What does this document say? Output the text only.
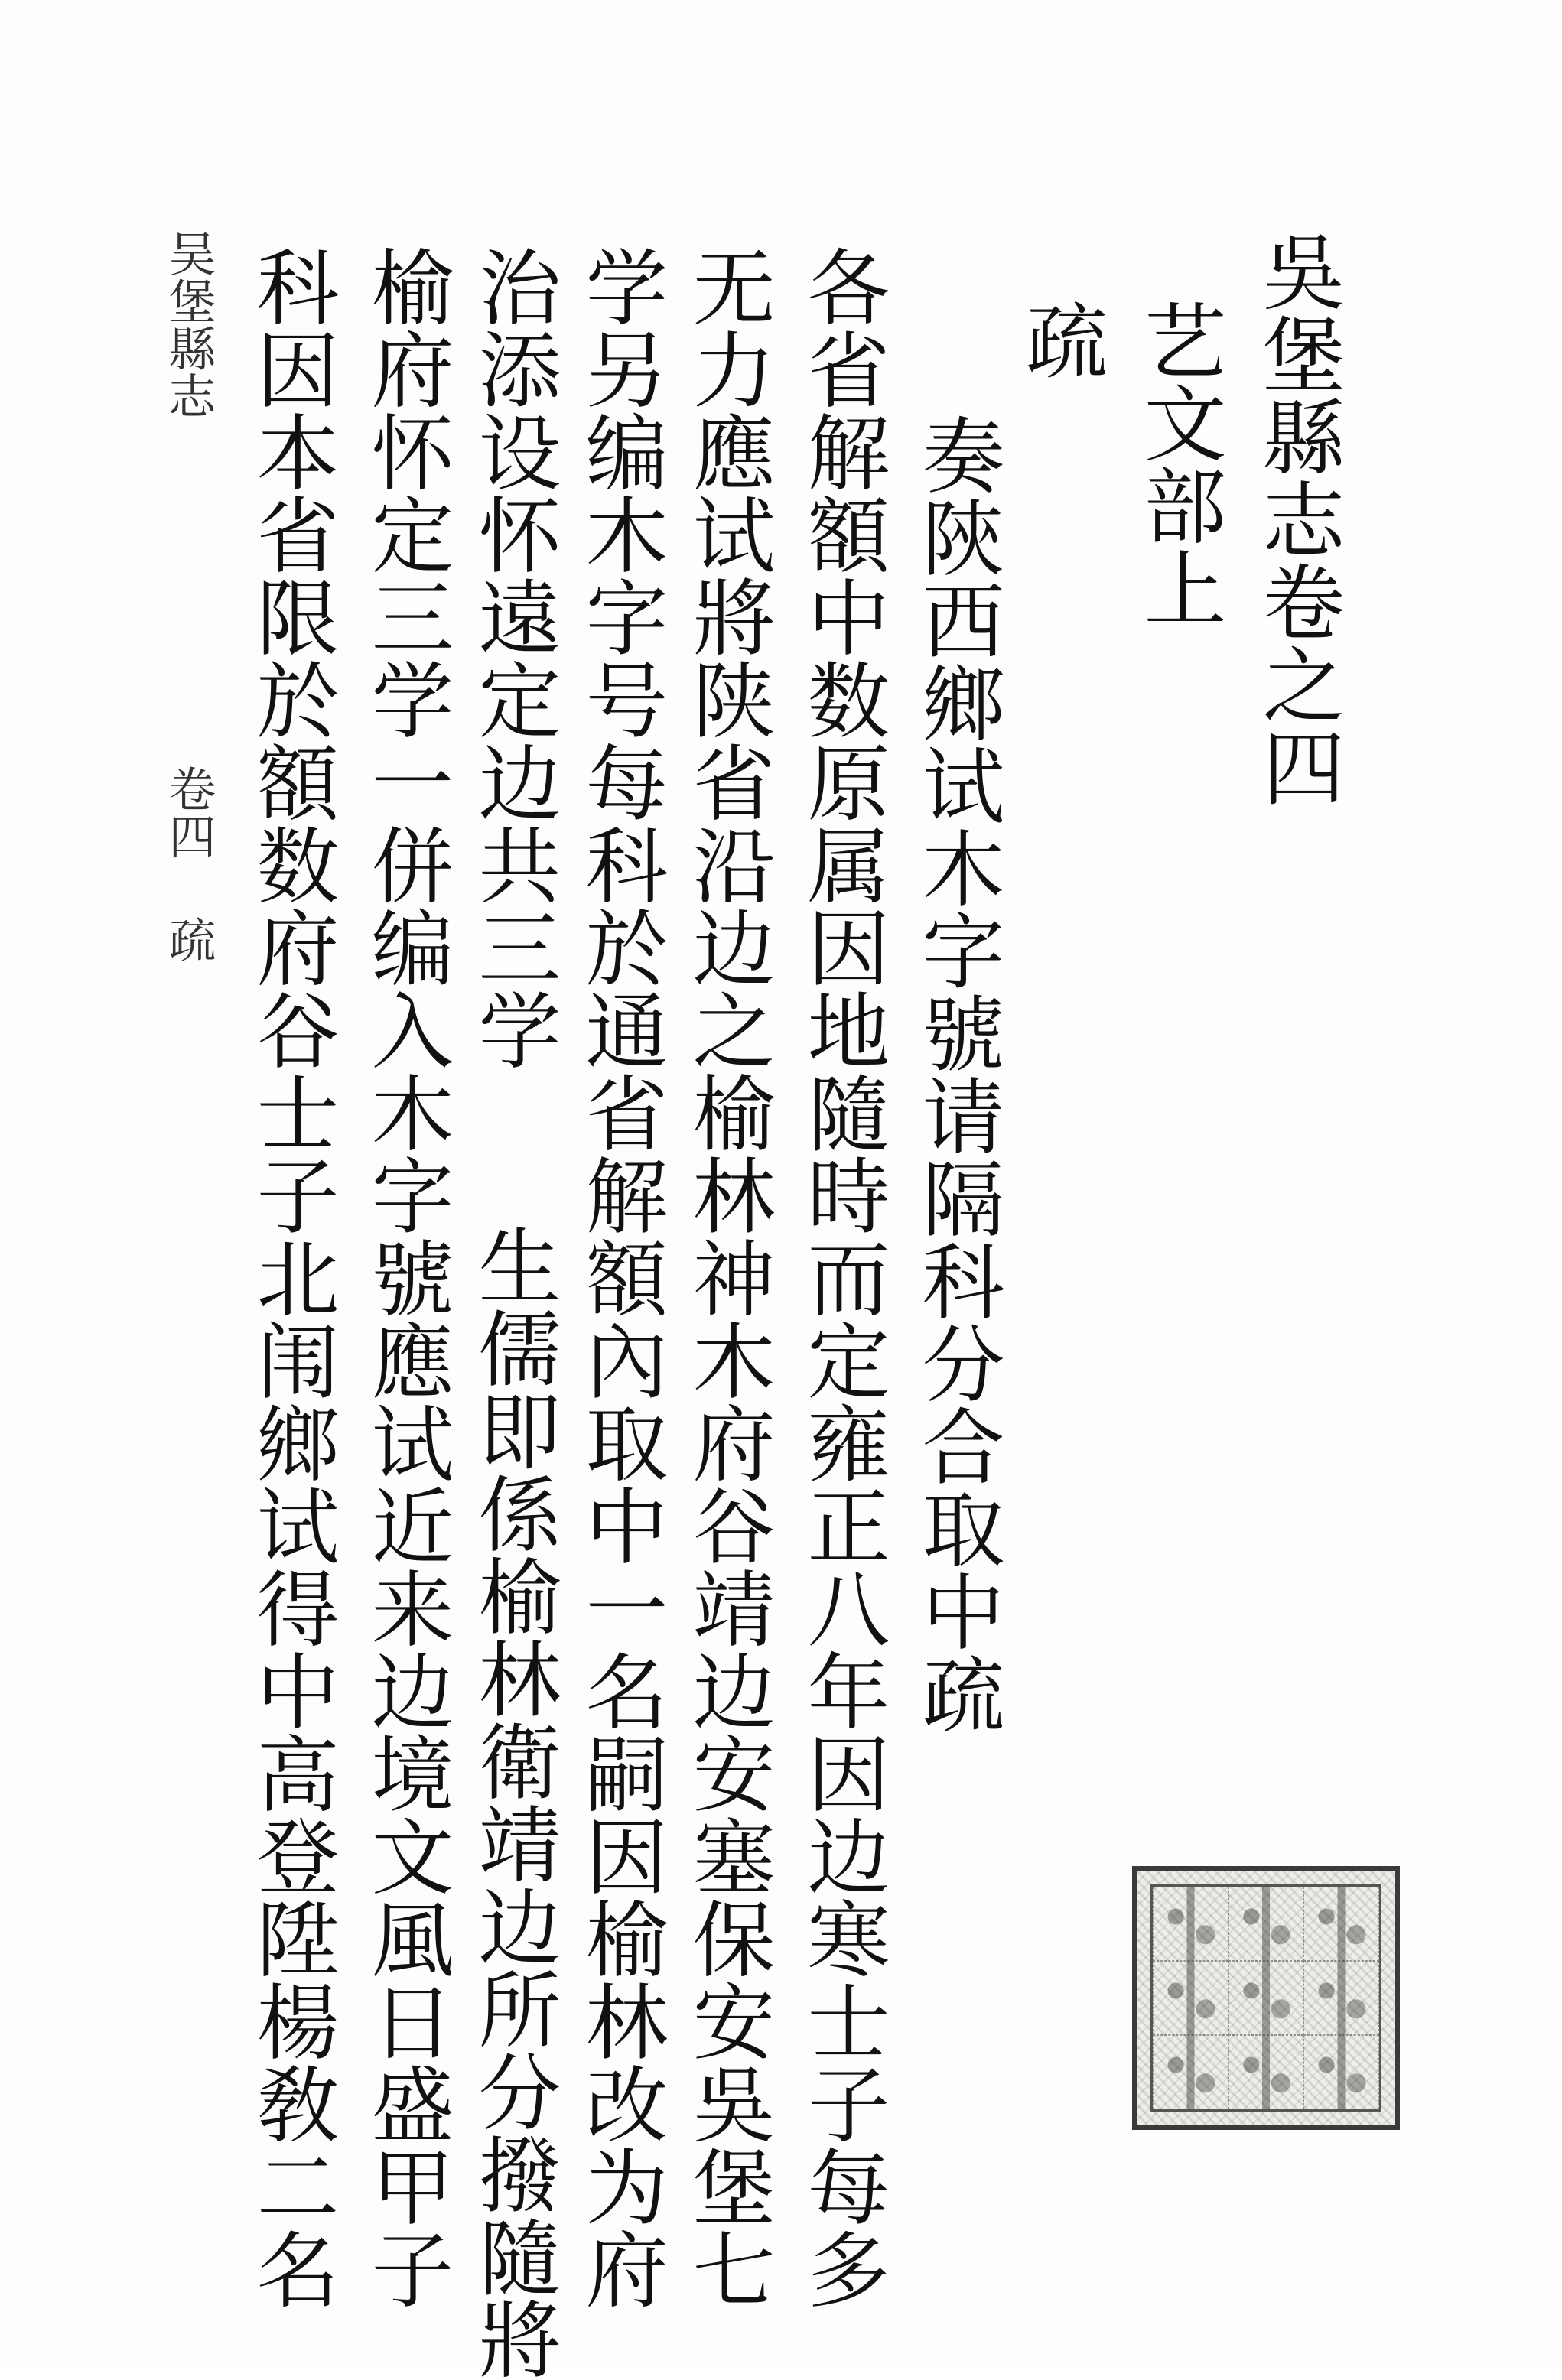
吳堡縣志卷之四
艺文部上
疏
奏陝西鄉试木字號请隔科分合取中疏
各省解額中数原属因地隨時而定雍正八年因边寒士子每多
无力應试將陕省沿边之榆林神木府谷靖边安塞保安吳堡七
学另编木字号每科於通省解額內取中一名嗣因榆林改为府
治添设怀遠定边共三学生儒即係榆林衛靖边所分撥隨將
榆府怀定三学一併编入木字號應试近来边境文風日盛甲子
科因本省限於額数府谷士子北闱鄉试得中高登陞楊敎二名
吴堡縣志
卷四 疏
